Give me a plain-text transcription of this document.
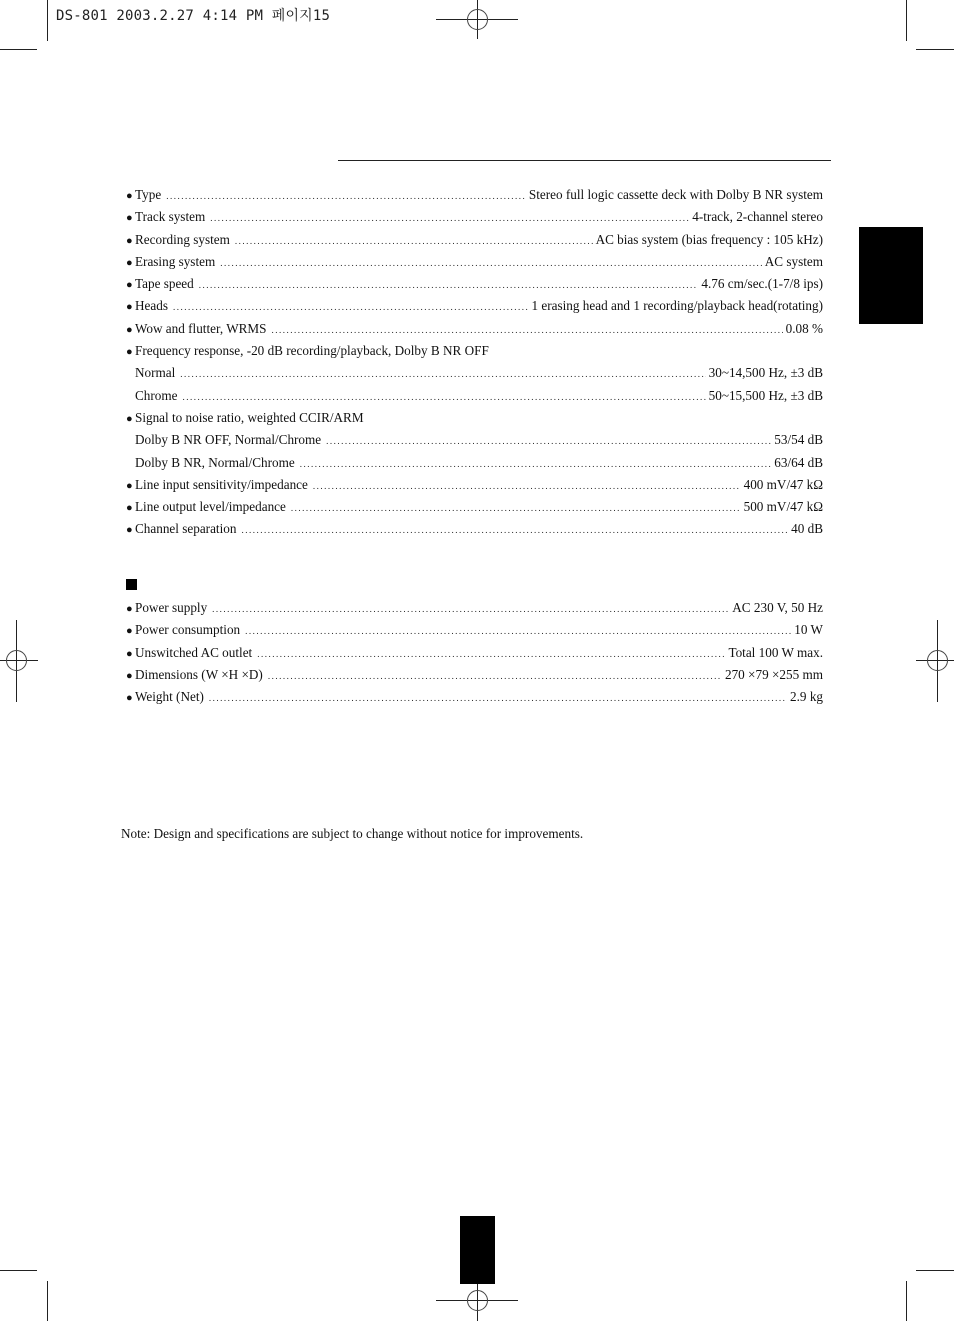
DS-801 2003.2.27 4:14 PM 페이지15
● Type .....	Stereo full logic cassette deck with Dolby B NR system
● Track system .....	4-track, 2-channel stereo
● Recording system .....	AC bias system (bias frequency : 105 kHz)
● Erasing system .....	AC system
● Tape speed .....	4.76 cm/sec.(1-7/8 ips)
● Heads .....	1 erasing head and 1 recording/playback head(rotating)
● Wow and flutter, WRMS .....	0.08 %
● Frequency response, -20 dB recording/playback, Dolby B NR OFF
Normal .....	30~14,500 Hz, ±3 dB
Chrome .....	50~15,500 Hz, ±3 dB
● Signal to noise ratio, weighted CCIR/ARM
Dolby B NR OFF, Normal/Chrome .....	53/54 dB
Dolby B NR, Normal/Chrome .....	63/64 dB
● Line input sensitivity/impedance .....	400 mV/47 kΩ
● Line output level/impedance .....	500 mV/47 kΩ
● Channel separation .....	40 dB
● Power supply .....	AC 230 V, 50 Hz
● Power consumption .....	10 W
● Unswitched AC outlet .....	Total 100 W max.
● Dimensions (W ×H ×D) .....	270 ×79 ×255 mm
● Weight (Net) .....	2.9 kg
Note: Design and specifications are subject to change without notice for improvements.
